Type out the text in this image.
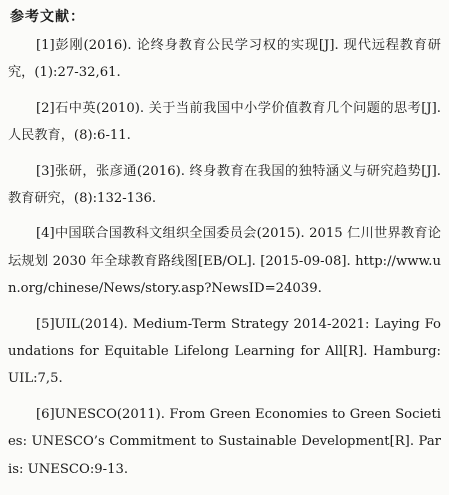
参考文献：

[1]彭刚(2016). 论终身教育公民学习权的实现[J]. 现代远程教育研究，(1):27-32,61.

[2]石中英(2010). 关于当前我国中小学价值教育几个问题的思考[J]. 人民教育，(8):6-11.

[3]张研，张彦通(2016). 终身教育在我国的独特涵义与研究趋势[J]. 教育研究，(8):132-136.

[4]中国联合国教科文组织全国委员会(2015). 2015 仁川世界教育论坛规划 2030 年全球教育路线图[EB/OL]. [2015-09-08]. http://www.un.org/chinese/News/story.asp?NewsID=24039.

[5]UIL(2014). Medium-Term Strategy 2014-2021: Laying Foundations for Equitable Lifelong Learning for All[R]. Hamburg: UIL:7,5.

[6]UNESCO(2011). From Green Economies to Green Societies: UNESCO’s Commitment to Sustainable Development[R]. Paris: UNESCO:9-13.
